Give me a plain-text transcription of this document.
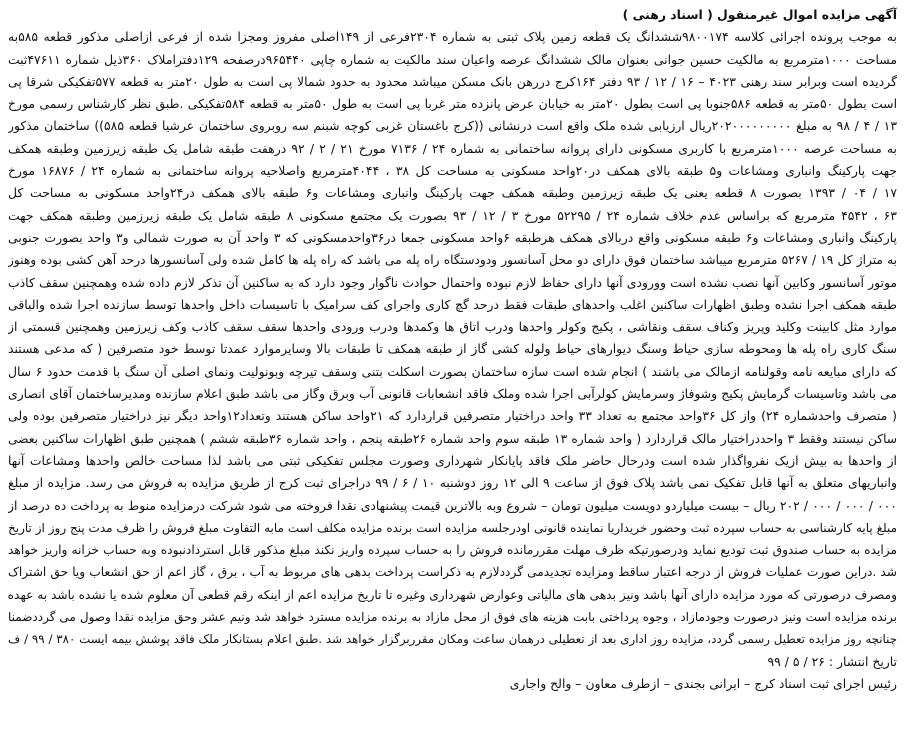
آگهی مزایده اموال غیرمنقول ( اسناد رهنی )
به موجب پرونده اجرائی کلاسه ۹۸۰۰۱۷۴ششدانگ یک قطعه زمین پلاک ثبتی به شماره ۲۳۰۴فرعی از ۱۴۹اصلی مفروز ومجزا شده از فرعی ازاصلی مذکور قطعه ۵۸۵به
مساحت ۱۰۰۰مترمربع به مالکیت حسین جوانی بعنوان مالک ششدانگ عرصه واعیان سند مالکیت به شماره چاپی ۹۶۵۴۴۰درصفحه ۱۲۹دفتراملاک ۳۶۰ذیل شماره ۴۷۶۱۱ثبت
گردیده است وبرابر سند رهنی ۴۰۲۳ – ۱۶ / ۱۲ / ۹۳ دفتر ۱۶۴کرج دررهن بانک مسکن میباشد محدود به حدود شمالا پی است به طول ۲۰متر به قطعه ۵۷۷تفکیکی شرقا پی
است بطول ۵۰متر به قطعه ۵۸۶جنوبا پی است بطول ۲۰متر به خیابان عرض پانزده متر غربا پی است به طول ۵۰متر به قطعه ۵۸۴تفکیکی .طبق نظر کارشناس رسمی مورخ
۱۳ / ۴ / ۹۸ به مبلغ ۲۰۲۰۰۰۰۰۰۰۰۰ریال ارزیابی شده ملک واقع است درنشانی ((کرج باغستان غربی کوچه شبنم سه روبروی ساختمان عرشیا قطعه ۵۸۵)) ساختمان مذکور
به مساحت عرصه ۱۰۰۰مترمربع با کاربری مسکونی دارای پروانه ساختمانی به شماره ۲۴ / ۷۱۳۶ مورخ ۲۱ / ۲ / ۹۲ درهفت طبقه شامل یک طبقه زیرزمین وطبقه همکف
جهت پارکینگ وانباری ومشاعات و۵ طبقه بالای همکف در۲۰واحد مسکونی به مساحت کل ۳۸ ، ۴۰۴۴مترمربع واصلاحیه پروانه ساختمانی به شماره ۲۴ / ۱۶۸۷۶ مورخ
۱۷ / ۰۴ / ۱۳۹۳ بصورت ۸ قطعه یعنی یک طبقه زیرزمین وطبقه همکف جهت پارکینگ وانباری ومشاعات و۶ طبقه بالای همکف در۲۴واحد مسکونی به مساحت کل
۶۳ ، ۴۵۴۲ مترمربع که براساس عدم خلاف شماره ۲۴ / ۵۲۲۹۵ مورخ ۳ / ۱۲ / ۹۳ بصورت یک مجتمع مسکونی ۸ طبقه شامل یک طبقه زیرزمین وطبقه همکف جهت
پارکینگ وانباری ومشاعات و۶ طبقه مسکونی واقع دربالای همکف هرطبقه ۶واحد مسکونی جمعا در۳۶واحدمسکونی که ۳ واحد آن به صورت شمالی و۳ واحد بصورت جنوبی
به متراژ کل ۱۹ / ۵۲۶۷ مترمربع میباشد ساختمان فوق دارای دو محل آسانسور ودودستگاه راه پله می باشد که راه پله ها کامل شده ولی آسانسورها درحد آهن کشی بوده وهنوز
موتور آسانسور وکابین آنها نصب نشده است وورودی آنها دارای حفاظ لازم نبوده واحتمال حوادث ناگوار وجود دارد که به ساکنین آن تذکر لازم داده شده وهمچنین سقف کاذب
طبقه همکف اجرا نشده وطبق اظهارات ساکنین اغلب واحدهای طبقات فقط درحد گچ کاری واجرای کف سرامیک با تاسیسات داخل واحدها توسط سازنده اجرا شده والباقی
موارد مثل کابینت وکلید وپریز وکناف سقف ونقاشی ، پکیج وکولر واحدها ودرب اتاق ها وکمدها ودرب ورودی واحدها سقف سقف کاذب وکف زیرزمین وهمچنین قسمتی از
سنگ کاری راه پله ها ومحوطه سازی حیاط وسنگ دیوارهای حیاط ولوله کشی گاز از طبقه همکف تا طبقات بالا وسایرموارد عمدتا توسط خود متصرفین ( که مدعی هستند
که دارای مبایعه نامه وقولنامه ازمالک می باشند ) انجام شده است سازه ساختمان بصورت اسکلت بتنی وسقف تیرچه وبونولیت ونمای اصلی آن سنگ با قدمت حدود ۶ سال
می باشد وتاسیسات گرمایش پکیج وشوفاژ وسرمایش کولرآبی اجرا شده وملک فاقد انشعابات قانونی آب وبرق وگاز می باشد طبق اعلام سازنده ومدیرساختمان آقای انصاری
( متصرف واحدشماره ۲۴) واز کل ۳۶واحد مجتمع به تعداد ۳۳ واحد دراختیار متصرفین قراردارد که ۲۱واحد ساکن هستند وتعداد۱۲واحد دیگر نیز دراختیار متصرفین بوده ولی
ساکن نیستند وفقط ۳ واحددراختیار مالک قراردارد ( واحد شماره ۱۳ طبقه سوم واحد شماره ۲۶طبقه پنجم ، واحد شماره ۳۶طبقه ششم ) همچنین طبق اظهارات ساکنین بعضی
از واحدها به بیش ازیک نفرواگذار شده است ودرحال حاضر ملک فاقد پایانکار شهرداری وصورت مجلس تفکیکی ثبتی می باشد لذا مساحت خالص واحدها ومشاعات آنها
وانباریهای متعلق به آنها قابل تفکیک نمی باشد پلاک فوق از ساعت ۹ الی ۱۲ روز دوشنبه ۱۰ / ۶ / ۹۹ دراجرای ثبت کرج از طریق مزایده به فروش می رسد. مزایده از مبلغ
۰۰۰ / ۰۰۰ / ۰۰۰ / ۲۰۲ ریال – بیست میلیاردو دویست میلیون تومان – شروع وبه بالاترین قیمت پیشنهادی نقدا فروخته می شود شرکت درمزایده منوط به پرداخت ده درصد از
مبلغ پایه کارشناسی به حساب سپرده ثبت وحضور خریداریا نماینده قانونی اودرجلسه مزایده است برنده مزایده مکلف است مابه التفاوت مبلغ فروش را ظرف مدت پنج روز از تاریخ
مزایده به حساب صندوق ثبت تودیع نماید ودرصورتیکه ظرف مهلت مقررمانده فروش را به حساب سپرده واریز نکند مبلغ مذکور قابل استردادنبوده وبه حساب خزانه واریز خواهد
شد .دراین صورت عملیات فروش از درجه اعتبار ساقط ومزایده تجدیدمی گرددلازم به ذکراست پرداخت بدهی های مربوط به آب ، برق ، گاز اعم از حق انشعاب ویا حق اشتراک
ومصرف درصورتی که مورد مزایده دارای آنها باشد ونیز بدهی های مالیاتی وعوارض شهرداری وغیره تا تاریخ مزایده اعم از اینکه رقم قطعی آن معلوم شده یا نشده باشد به عهده
برنده مزایده است ونیز درصورت وجودمازاد ، وجوه پرداختی بابت هزینه های فوق از محل مازاد به برنده مزایده مسترد خواهد شد ونیم عشر وحق مزایده نقدا وصول می گرددضمنا
چنانچه روز مزایده تعطیل رسمی گردد، مزایده روز اداری بعد از تعطیلی درهمان ساعت ومکان مقرربرگزار خواهد شد .طبق اعلام بستانکار ملک فاقد پوشش بیمه ایست ۳۸۰ / ۹۹ / ف
تاریخ انتشار : ۲۶ / ۵ / ۹۹
رئیس اجرای ثبت اسناد کرج – ایرانی بجندی – ازطرف معاون – والح واجاری
